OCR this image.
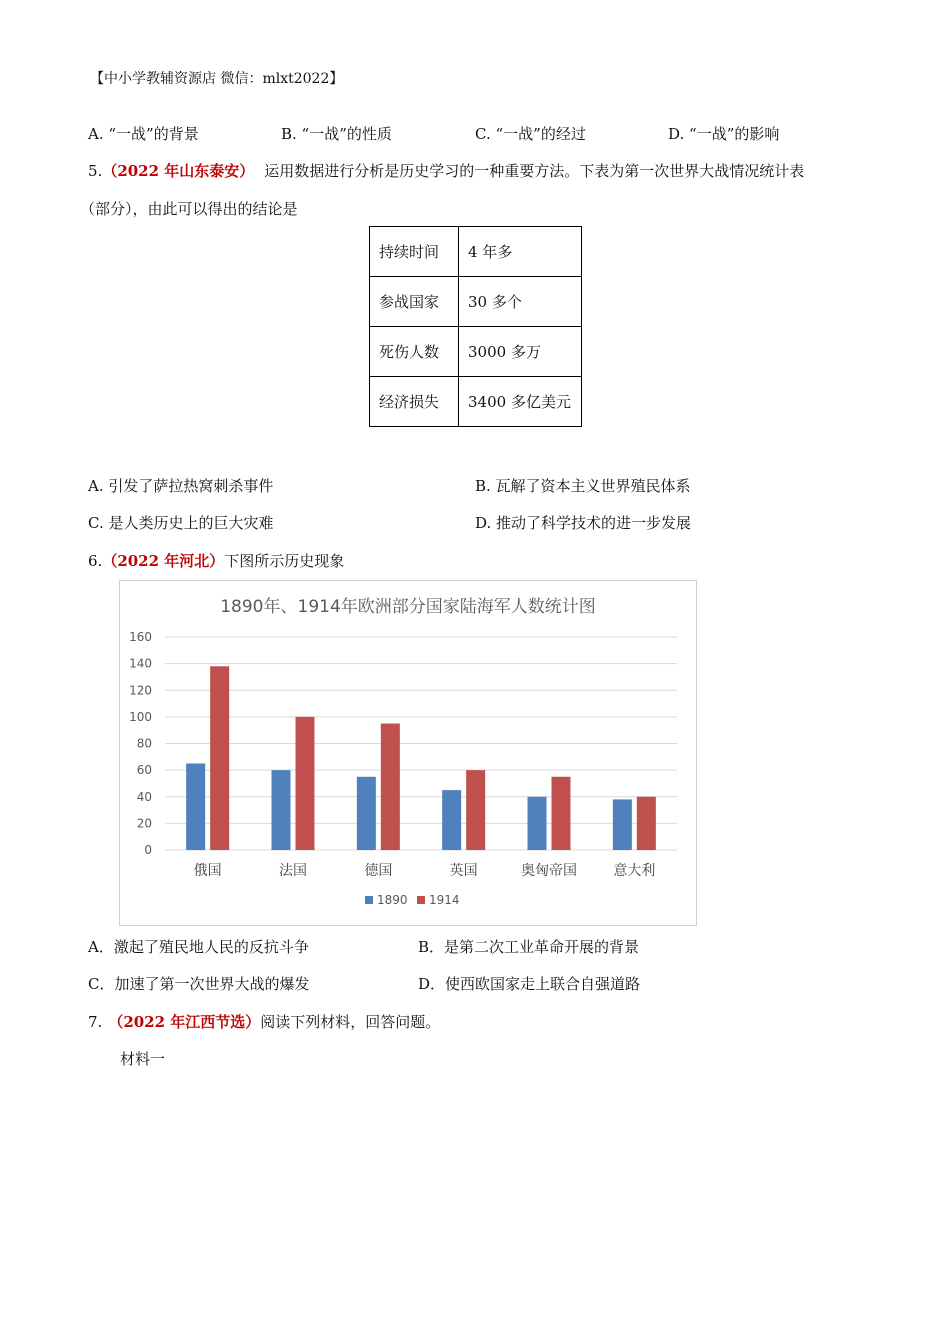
【中小学教辅资源店 微信：mlxt2022】
A. “一战”的背景	B. “一战”的性质	C. “一战”的经过	D. “一战”的影响
5.（2022 年山东泰安） 运用数据进行分析是历史学习的一种重要方法。下表为第一次世界大战情况统计表
（部分），由此可以得出的结论是
持续时间	4 年多
参战国家	30 多个
死伤人数	3000 多万
经济损失	3400 多亿美元
A. 引发了萨拉热窝刺杀事件	B. 瓦解了资本主义世界殖民体系
C. 是人类历史上的巨大灾难	D. 推动了科学技术的进一步发展
6.（2022 年河北）下图所示历史现象
1890年、1914年欧洲部分国家陆海军人数统计图
0
20
40
60
80
100
120
140
160
俄国	法国	德国	英国	奥匈帝国	意大利
1890 1914
A．激起了殖民地人民的反抗斗争	B．是第二次工业革命开展的背景
C．加速了第一次世界大战的爆发	D．使西欧国家走上联合自强道路
7. （2022 年江西节选）阅读下列材料，回答问题。
材料一
